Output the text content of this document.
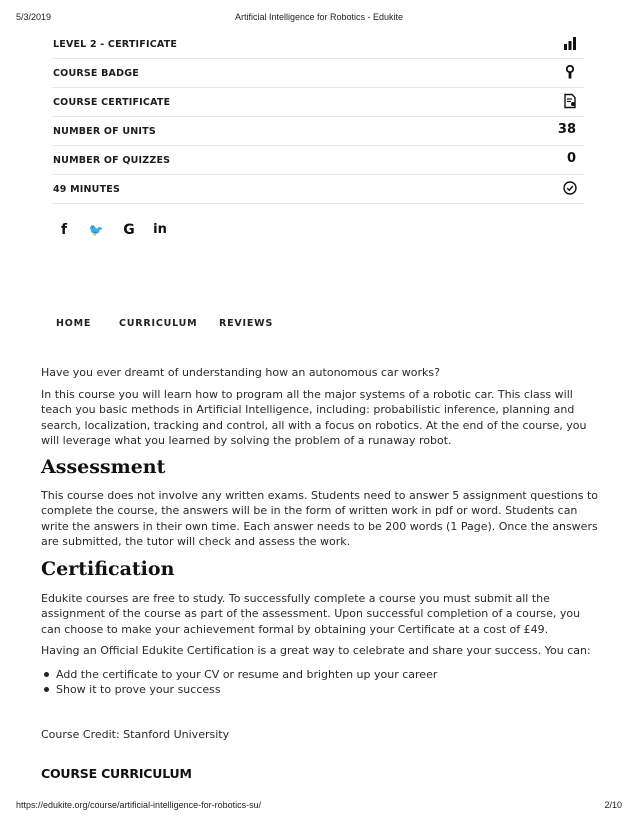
5/3/2019	Artificial Intelligence for Robotics - Edukite
LEVEL 2 - CERTIFICATE
COURSE BADGE
COURSE CERTIFICATE
NUMBER OF UNITS	38
NUMBER OF QUIZZES	0
49 MINUTES
f	🐦 G in
HOME	CURRICULUM REVIEWS

Have you ever dreamt of understanding how an autonomous car works?

In this course you will learn how to program all the major systems of a robotic car. This class will teach you basic methods in Artificial Intelligence, including: probabilistic inference, planning and search, localization, tracking and control, all with a focus on robotics. At the end of the course, you will leverage what you learned by solving the problem of a runaway robot.

Assessment

This course does not involve any written exams. Students need to answer 5 assignment questions to complete the course, the answers will be in the form of written work in pdf or word. Students can write the answers in their own time. Each answer needs to be 200 words (1 Page). Once the answers are submitted, the tutor will check and assess the work.

Certification

Edukite courses are free to study. To successfully complete a course you must submit all the assignment of the course as part of the assessment. Upon successful completion of a course, you can choose to make your achievement formal by obtaining your Certificate at a cost of £49.

Having an Official Edukite Certification is a great way to celebrate and share your success. You can:

Add the certificate to your CV or resume and brighten up your career
Show it to prove your success

Course Credit: Stanford University

COURSE CURRICULUM
https://edukite.org/course/artificial-intelligence-for-robotics-su/	2/10
